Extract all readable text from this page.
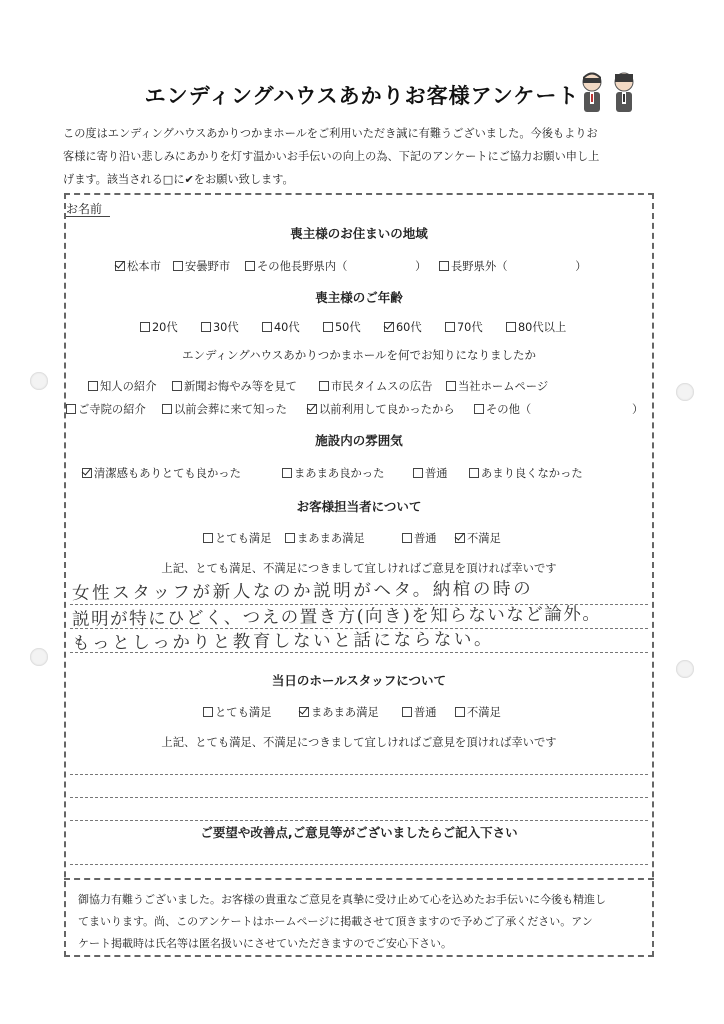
エンディングハウスあかりお客様アンケート
この度はエンディングハウスあかりつかまホールをご利用いただき誠に有難うございました。今後もよりお
客様に寄り沿い悲しみにあかりを灯す温かいお手伝いの向上の為、下記のアンケートにご協力お願い申し上
げます。該当される□に✔をお願い致します。
お名前
喪主様のお住まいの地域
松本市	安曇野市	その他長野県内（　　　　　　）	長野県外（　　　　　　）
喪主様のご年齢
20代	30代	40代	50代	60代	70代	80代以上
エンディングハウスあかりつかまホールを何でお知りになりましたか
知人の紹介	新聞お悔やみ等を見て	市民タイムスの広告	当社ホームページ
ご寺院の紹介	以前会葬に来て知った	以前利用して良かったから	その他（	）
施設内の雰囲気
清潔感もありとても良かった	まあまあ良かった	普通	あまり良くなかった
お客様担当者について
とても満足	まあまあ満足	普通	不満足
上記、とても満足、不満足につきまして宜しければご意見を頂ければ幸いです
女性スタッフが新人なのか説明がヘタ。納棺の時の
説明が特にひどく、つえの置き方(向き)を知らないなど論外。
もっとしっかりと教育しないと話にならない。
当日のホールスタッフについて
とても満足	まあまあ満足	普通	不満足
上記、とても満足、不満足につきまして宜しければご意見を頂ければ幸いです
ご要望や改善点,ご意見等がございましたらご記入下さい
御協力有難うございました。お客様の貴重なご意見を真摯に受け止めて心を込めたお手伝いに今後も精進し
てまいります。尚、このアンケートはホームページに掲載させて頂きますので予めご了承ください。アン
ケート掲載時は氏名等は匿名扱いにさせていただきますのでご安心下さい。
